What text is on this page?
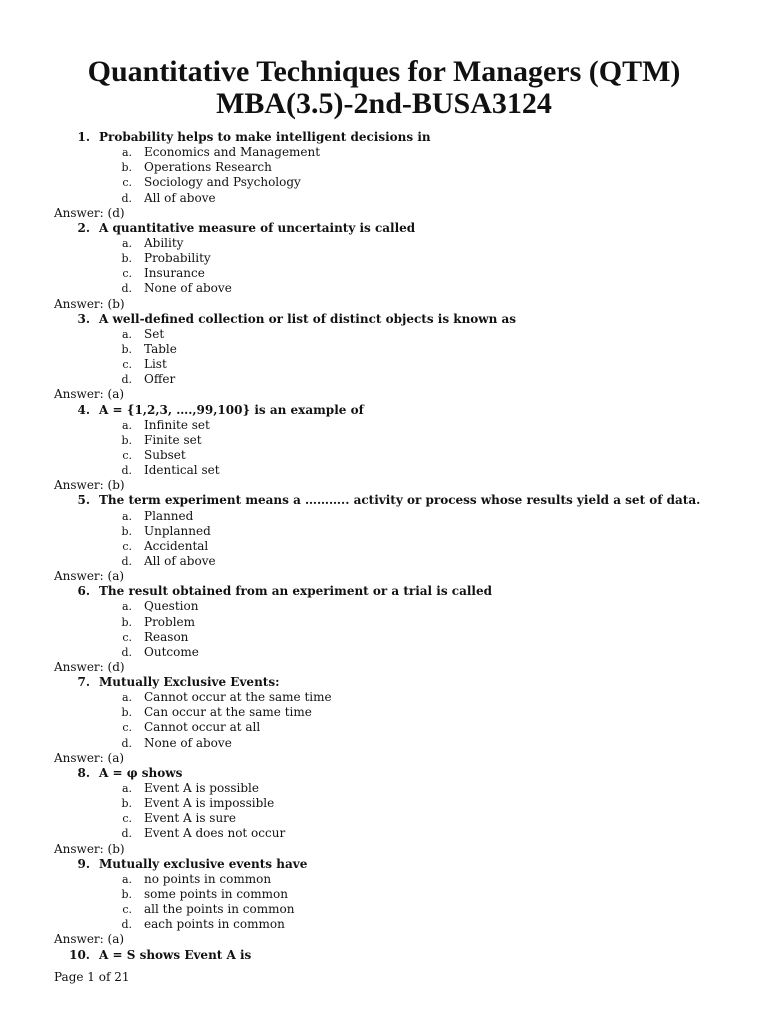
Quantitative Techniques for Managers (QTM)
MBA(3.5)-2nd-BUSA3124
1. Probability helps to make intelligent decisions in
a. Economics and Management
b. Operations Research
c. Sociology and Psychology
d. All of above
Answer: (d)
2. A quantitative measure of uncertainty is called
a. Ability
b. Probability
c. Insurance
d. None of above
Answer: (b)
3. A well-defined collection or list of distinct objects is known as
a. Set
b. Table
c. List
d. Offer
Answer: (a)
4. A = {1,2,3, ….,99,100} is an example of
a. Infinite set
b. Finite set
c. Subset
d. Identical set
Answer: (b)
5. The term experiment means a ……….. activity or process whose results yield a set of data.
a. Planned
b. Unplanned
c. Accidental
d. All of above
Answer: (a)
6. The result obtained from an experiment or a trial is called
a. Question
b. Problem
c. Reason
d. Outcome
Answer: (d)
7. Mutually Exclusive Events:
a. Cannot occur at the same time
b. Can occur at the same time
c. Cannot occur at all
d. None of above
Answer: (a)
8. A = φ shows
a. Event A is possible
b. Event A is impossible
c. Event A is sure
d. Event A does not occur
Answer: (b)
9. Mutually exclusive events have
a. no points in common
b. some points in common
c. all the points in common
d. each points in common
Answer: (a)
10. A = S shows Event A is
Page 1 of 21
